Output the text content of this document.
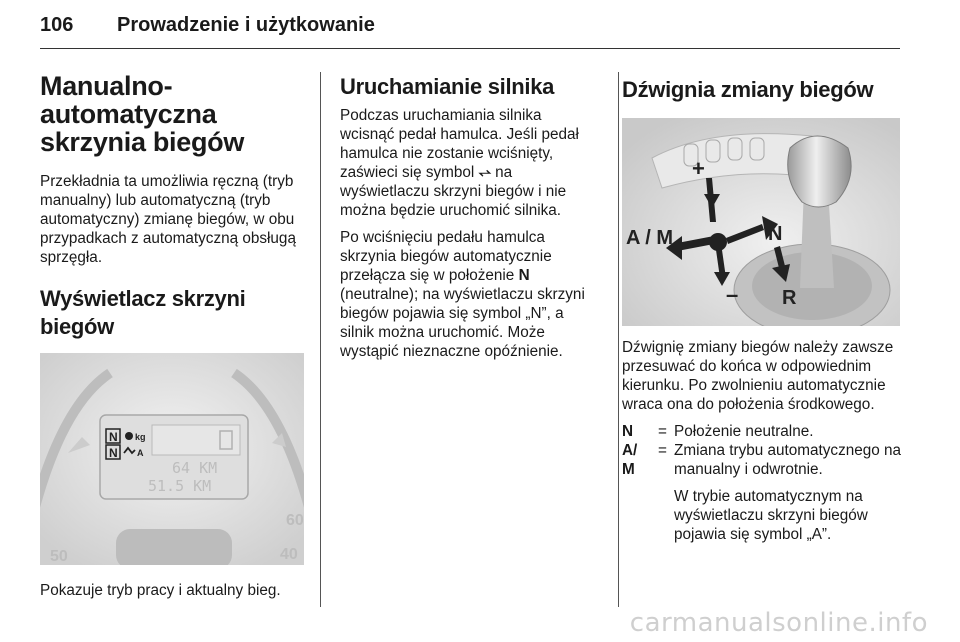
106 Prowadzenie i użytkowanie
Manualno-automatyczna skrzynia biegów

Przekładnia ta umożliwia ręczną (tryb manualny) lub automatyczną (tryb automatyczny) zmianę biegów, w obu przypadkach z automatyczną obsługą sprzęgła.

Wyświetlacz skrzyni biegów
N
N
kg
A
64 KM
51.5 KM
50
60
40

Pokazuje tryb pracy i aktualny bieg.

Uruchamianie silnika

Podczas uruchamiania silnika wcisnąć pedał hamulca. Jeśli pedał hamulca nie zostanie wciśnięty, zaświeci się symbol ⥋ na wyświetlaczu skrzyni biegów i nie można będzie uruchomić silnika.

Po wciśnięciu pedału hamulca skrzynia biegów automatycznie przełącza się w położenie N (neutralne); na wyświetlaczu skrzyni biegów pojawia się symbol „N”, a silnik można uruchomić. Może wystąpić nieznaczne opóźnienie.

Dźwignia zmiany biegów
+
A / M	N
– R

Dźwignię zmiany biegów należy zawsze przesuwać do końca w odpowiednim kierunku. Po zwolnieniu automatycznie wraca ona do położenia środkowego.

N	= Położenie neutralne.
A/ M
= Zmiana trybu automatycznego na manualny i odwrotnie.

W trybie automatycznym na wyświetlaczu skrzyni biegów pojawia się symbol „A”.

carmanualsonline.info
